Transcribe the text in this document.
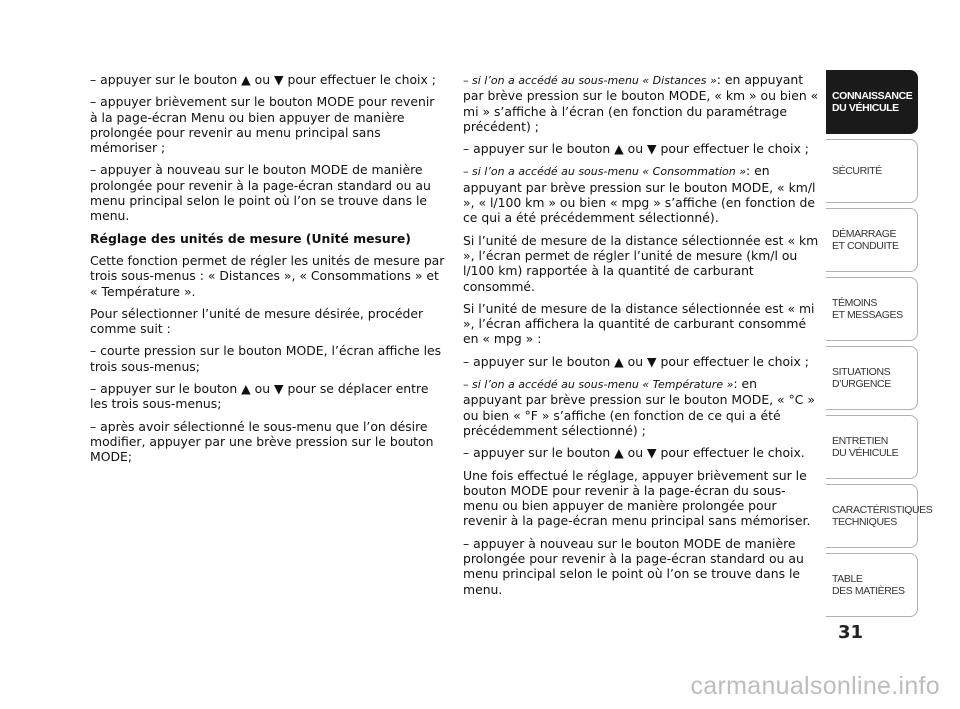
– appuyer sur le bouton ▲ ou ▼ pour effectuer le choix ;

– appuyer brièvement sur le bouton MODE pour revenir à la page-écran Menu ou bien appuyer de manière prolongée pour revenir au menu principal sans mémoriser ;

– appuyer à nouveau sur le bouton MODE de manière prolongée pour revenir à la page-écran standard ou au menu principal selon le point où l’on se trouve dans le menu.

Réglage des unités de mesure (Unité mesure)

Cette fonction permet de régler les unités de mesure par trois sous-menus : « Distances », « Consommations » et « Température ».

Pour sélectionner l’unité de mesure désirée, procéder comme suit :

– courte pression sur le bouton MODE, l’écran affiche les trois sous-menus;

– appuyer sur le bouton ▲ ou ▼ pour se déplacer entre les trois sous-menus;

– après avoir sélectionné le sous-menu que l’on désire modifier, appuyer par une brève pression sur le bouton MODE;

– si l’on a accédé au sous-menu « Distances »: en appuyant par brève pression sur le bouton MODE, « km » ou bien « mi » s’affiche à l’écran (en fonction du paramétrage précédent) ;

– appuyer sur le bouton ▲ ou ▼ pour effectuer le choix ;

– si l’on a accédé au sous-menu « Consommation »: en appuyant par brève pression sur le bouton MODE, « km/l », « l/100 km » ou bien « mpg » s’affiche (en fonction de ce qui a été précédemment sélectionné).

Si l’unité de mesure de la distance sélectionnée est « km », l’écran permet de régler l’unité de mesure (km/l ou l/100 km) rapportée à la quantité de carburant consommé.

Si l’unité de mesure de la distance sélectionnée est « mi », l’écran affichera la quantité de carburant consommé en « mpg » :

– appuyer sur le bouton ▲ ou ▼ pour effectuer le choix ;

– si l’on a accédé au sous-menu « Température »: en appuyant par brève pression sur le bouton MODE, « °C » ou bien « °F » s’affiche (en fonction de ce qui a été précédemment sélectionné) ;

– appuyer sur le bouton ▲ ou ▼ pour effectuer le choix.

Une fois effectué le réglage, appuyer brièvement sur le bouton MODE pour revenir à la page-écran du sous-menu ou bien appuyer de manière prolongée pour revenir à la page-écran menu principal sans mémoriser.

– appuyer à nouveau sur le bouton MODE de manière prolongée pour revenir à la page-écran standard ou au menu principal selon le point où l’on se trouve dans le menu.

CONNAISSANCE
DU VÉHICULE
SÉCURITÉ
DÉMARRAGE
ET CONDUITE
TÉMOINS
ET MESSAGES
SITUATIONS
D’URGENCE
ENTRETIEN
DU VÉHICULE
CARACTÉRISTIQUES
TECHNIQUES
TABLE
DES MATIÈRES
31
carmanualsonline.info
